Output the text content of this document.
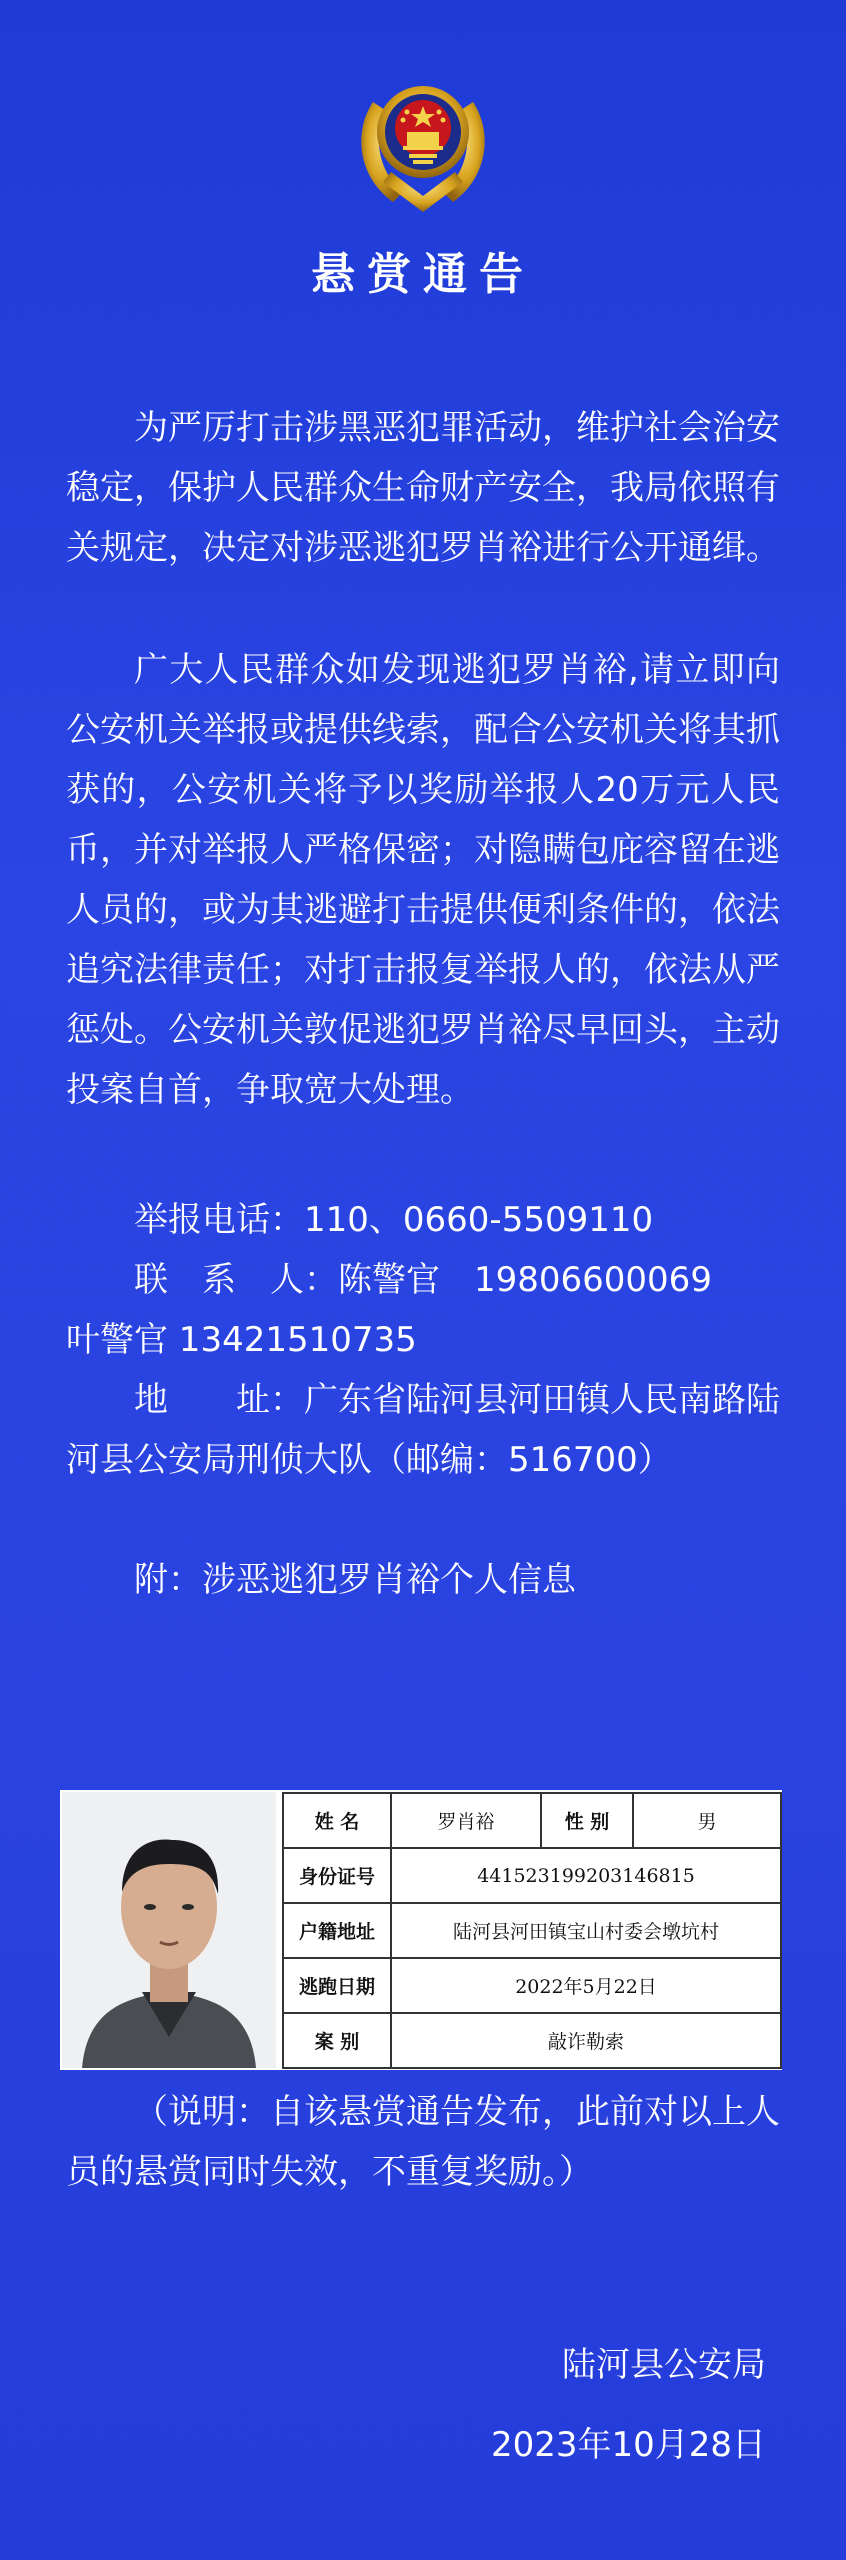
悬赏通告

为严厉打击涉黑恶犯罪活动，维护社会治安稳定，保护人民群众生命财产安全，我局依照有关规定，决定对涉恶逃犯罗肖裕进行公开通缉。

广大人民群众如发现逃犯罗肖裕,请立即向公安机关举报或提供线索，配合公安机关将其抓获的，公安机关将予以奖励举报人20万元人民币，并对举报人严格保密；对隐瞒包庇容留在逃人员的，或为其逃避打击提供便利条件的，依法追究法律责任；对打击报复举报人的，依法从严惩处。公安机关敦促逃犯罗肖裕尽早回头，主动投案自首，争取宽大处理。

举报电话：110、0660-5509110

联　系　人：陈警官　19806600069

叶警官 13421510735

地　　址：广东省陆河县河田镇人民南路陆河县公安局刑侦大队（邮编：516700）

附：涉恶逃犯罗肖裕个人信息

姓 名	罗肖裕	性 别	男
身份证号	441523199203146815		
户籍地址	陆河县河田镇宝山村委会墩坑村		
逃跑日期	2022年5月22日		
案 别	敲诈勒索		

（说明：自该悬赏通告发布，此前对以上人员的悬赏同时失效，不重复奖励。）

陆河县公安局
2023年10月28日
